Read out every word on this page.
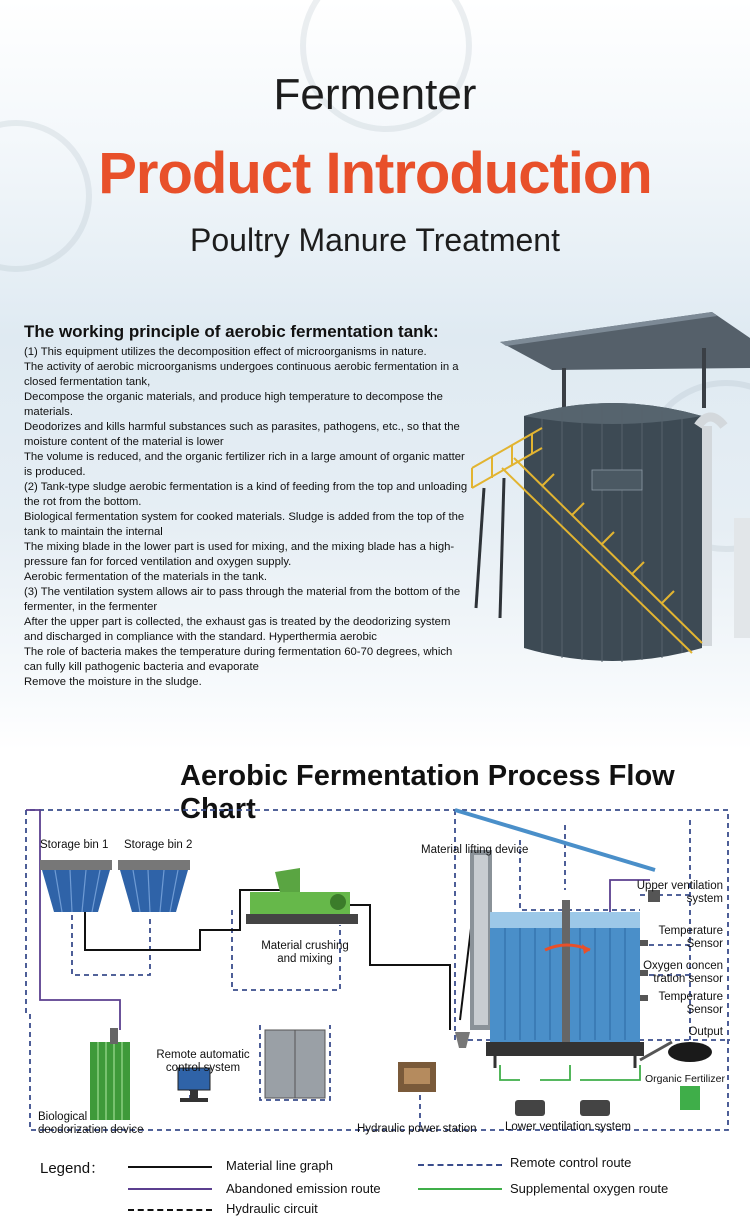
Fermenter
Product Introduction
Poultry Manure Treatment
The working principle of aerobic fermentation tank:

(1) This equipment utilizes the decomposition effect of microorganisms in nature.

The activity of aerobic microorganisms undergoes continuous aerobic fermentation in a closed fermentation tank,

Decompose the organic materials, and produce high temperature to decompose the materials.

Deodorizes and kills harmful substances such as parasites, pathogens, etc., so that the moisture content of the material is lower

The volume is reduced, and the organic fertilizer rich in a large amount of organic matter is produced.

(2) Tank-type sludge aerobic fermentation is a kind of feeding from the top and unloading the rot from the bottom.

Biological fermentation system for cooked materials. Sludge is added from the top of the tank to maintain the internal

The mixing blade in the lower part is used for mixing, and the mixing blade has a high-pressure fan for forced ventilation and oxygen supply.

Aerobic fermentation of the materials in the tank.

(3) The ventilation system allows air to pass through the material from the bottom of the fermenter, in the fermenter

After the upper part is collected, the exhaust gas is treated by the deodorizing system and discharged in compliance with the standard. Hyperthermia aerobic

The role of bacteria makes the temperature during fermentation 60-70 degrees, which can fully kill pathogenic bacteria and evaporate

Remove the moisture in the sludge.

Aerobic Fermentation Process Flow Chart
Storage bin 1 Storage bin 2	Material lifting device
Upper ventilation
system
Temperature
Sensor
Oxygen concen
tration sensor
Temperature
Sensor
Output
Organic Fertilizer
Material crushing
and mixing
Remote automatic
control system
Biological
deodorization device	Hydraulic power station Lower ventilation system
Legend：	Material line graph
Abandoned emission route
Hydraulic circuit
Remote control route
Supplemental oxygen route
